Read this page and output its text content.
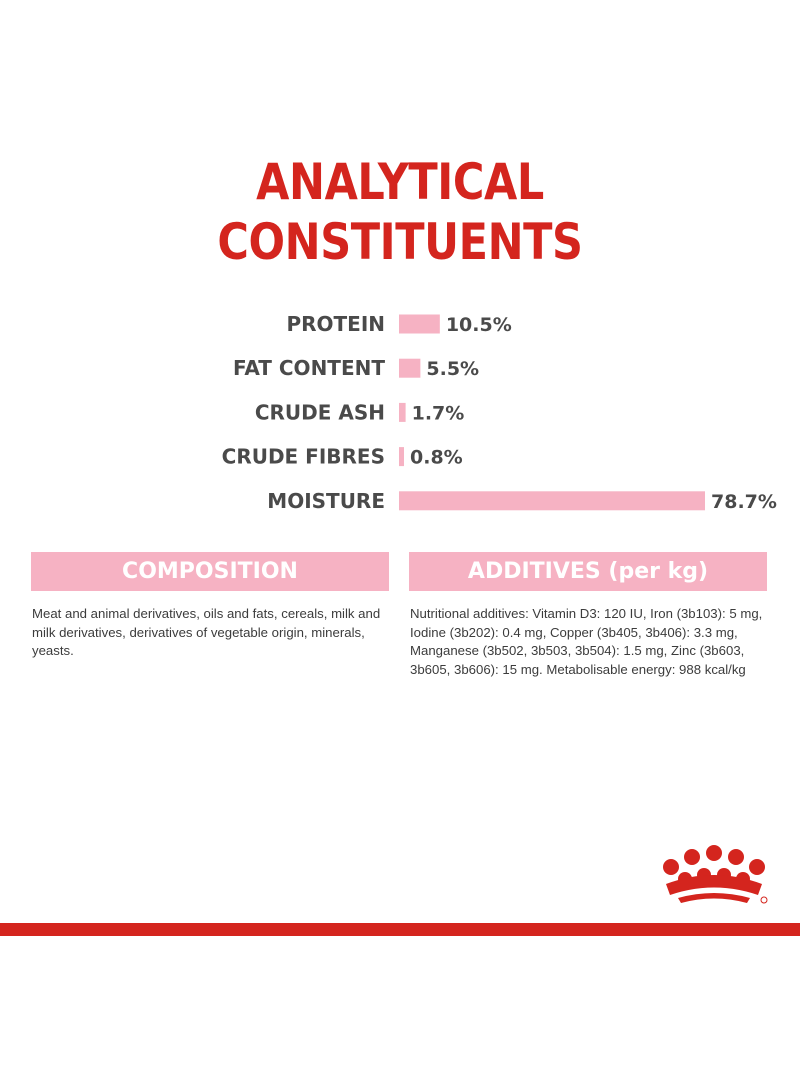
ANALYTICAL
CONSTITUENTS
PROTEIN	10.5%
FAT CONTENT 5.5%
CRUDE ASH 1.7%
CRUDE FIBRES 0.8%
MOISTURE	78.7%
COMPOSITION	ADDITIVES (per kg)
Meat and animal derivatives, oils and fats, cereals, milk and milk derivatives, derivatives of vegetable origin, minerals, yeasts.
Nutritional additives: Vitamin D3: 120 IU, Iron (3b103): 5 mg, Iodine (3b202): 0.4 mg, Copper (3b405, 3b406): 3.3 mg, Manganese (3b502, 3b503, 3b504): 1.5 mg, Zinc (3b603, 3b605, 3b606): 15 mg. Metabolisable energy: 988 kcal/kg
